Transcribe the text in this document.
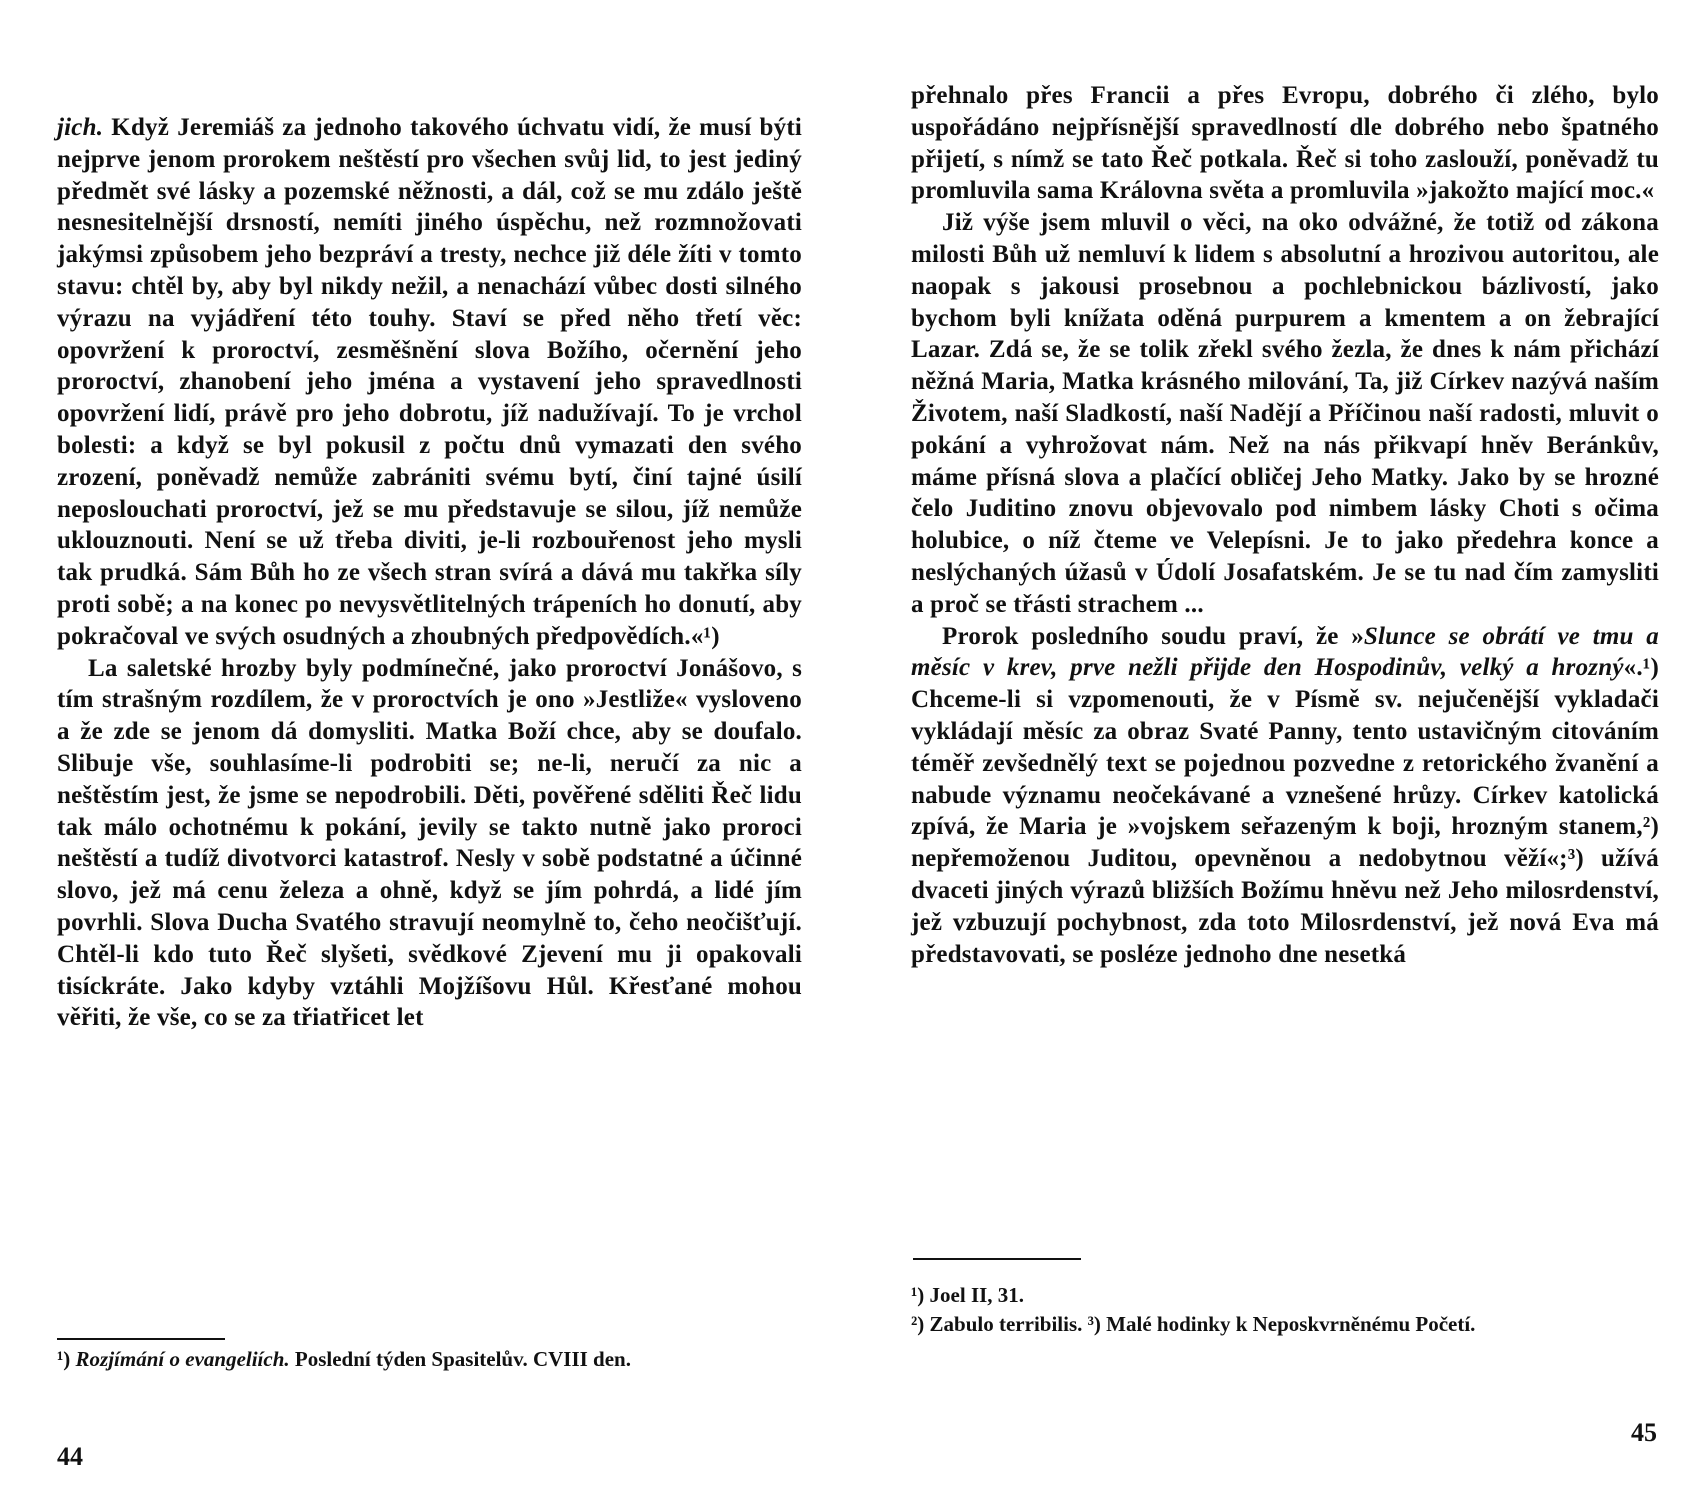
jich. Když Jeremiáš za jednoho takového úchvatu vidí, že musí býti nejprve jenom prorokem neštěstí pro všechen svůj lid, to jest jediný předmět své lásky a pozemské něžnosti, a dál, což se mu zdálo ještě nesnesitelnější drsností, nemíti jiného úspěchu, než rozmnožovati jakýmsi způsobem jeho bezpráví a tresty, nechce již déle žíti v tomto stavu: chtěl by, aby byl nikdy nežil, a nenachází vůbec dosti silného výrazu na vyjádření této touhy. Staví se před něho třetí věc: opovržení k proroctví, zesměšnění slova Božího, očernění jeho proroctví, zhanobení jeho jména a vystavení jeho spravedlnosti opovržení lidí, právě pro jeho dobrotu, jíž nadužívají. To je vrchol bolesti: a když se byl pokusil z počtu dnů vymazati den svého zrození, poněvadž nemůže zabrániti svému bytí, činí tajné úsilí neposlouchati proroctví, jež se mu představuje se silou, jíž nemůže uklouznouti. Není se už třeba diviti, je-li rozbouřenost jeho mysli tak prudká. Sám Bůh ho ze všech stran svírá a dává mu takřka síly proti sobě; a na konec po nevysvětlitelných trápeních ho donutí, aby pokračoval ve svých osudných a zhoubných předpovědích.«¹)

La saletské hrozby byly podmínečné, jako proroctví Jonášovo, s tím strašným rozdílem, že v proroctvích je ono »Jestliže« vysloveno a že zde se jenom dá domysliti. Matka Boží chce, aby se doufalo. Slibuje vše, souhlasíme-li podrobiti se; ne-li, neručí za nic a neštěstím jest, že jsme se nepodrobili. Děti, pověřené sděliti Řeč lidu tak málo ochotnému k pokání, jevily se takto nutně jako proroci neštěstí a tudíž divotvorci katastrof. Nesly v sobě podstatné a účinné slovo, jež má cenu železa a ohně, když se jím pohrdá, a lidé jím povrhli. Slova Ducha Svatého stravují neomylně to, čeho neočišťují. Chtěl-li kdo tuto Řeč slyšeti, svědkové Zjevení mu ji opakovali tisíckráte. Jako kdyby vztáhli Mojžíšovu Hůl. Křesťané mohou věřiti, že vše, co se za třiatřicet let

¹) Rozjímání o evangeliích. Poslední týden Spasitelův. CVIII den.

44

přehnalo přes Francii a přes Evropu, dobrého či zlého, bylo uspořádáno nejpřísnější spravedlností dle dobrého nebo špatného přijetí, s nímž se tato Řeč potkala. Řeč si toho zaslouží, poněvadž tu promluvila sama Královna světa a promluvila »jakožto mající moc.«

Již výše jsem mluvil o věci, na oko odvážné, že totiž od zákona milosti Bůh už nemluví k lidem s absolutní a hrozivou autoritou, ale naopak s jakousi prosebnou a pochlebnickou bázlivostí, jako bychom byli knížata oděná purpurem a kmentem a on žebrající Lazar. Zdá se, že se tolik zřekl svého žezla, že dnes k nám přichází něžná Maria, Matka krásného milování, Ta, již Církev nazývá naším Životem, naší Sladkostí, naší Nadějí a Příčinou naší radosti, mluvit o pokání a vyhrožovat nám. Než na nás přikvapí hněv Beránkův, máme přísná slova a plačící obličej Jeho Matky. Jako by se hrozné čelo Juditino znovu objevovalo pod nimbem lásky Choti s očima holubice, o níž čteme ve Velepísni. Je to jako předehra konce a neslýchaných úžasů v Údolí Josafatském. Je se tu nad čím zamysliti a proč se třásti strachem ...

Prorok posledního soudu praví, že »Slunce se obrátí ve tmu a měsíc v krev, prve nežli přijde den Hospodinův, velký a hrozný«.¹) Chceme-li si vzpomenouti, že v Písmě sv. nejučenější vykladači vykládají měsíc za obraz Svaté Panny, tento ustavičným citováním téměř zevšednělý text se pojednou pozvedne z retorického žvanění a nabude významu neočekávané a vznešené hrůzy. Církev katolická zpívá, že Maria je »vojskem seřazeným k boji, hrozným stanem,²) nepřemoženou Juditou, opevněnou a nedobytnou věží«;³) užívá dvaceti jiných výrazů bližších Božímu hněvu než Jeho milosrdenství, jež vzbuzují pochybnost, zda toto Milosrdenství, jež nová Eva má představovati, se posléze jednoho dne nesetká

¹) Joel II, 31.

²) Zabulo terribilis. ³) Malé hodinky k Neposkvrněnému Početí.

45
